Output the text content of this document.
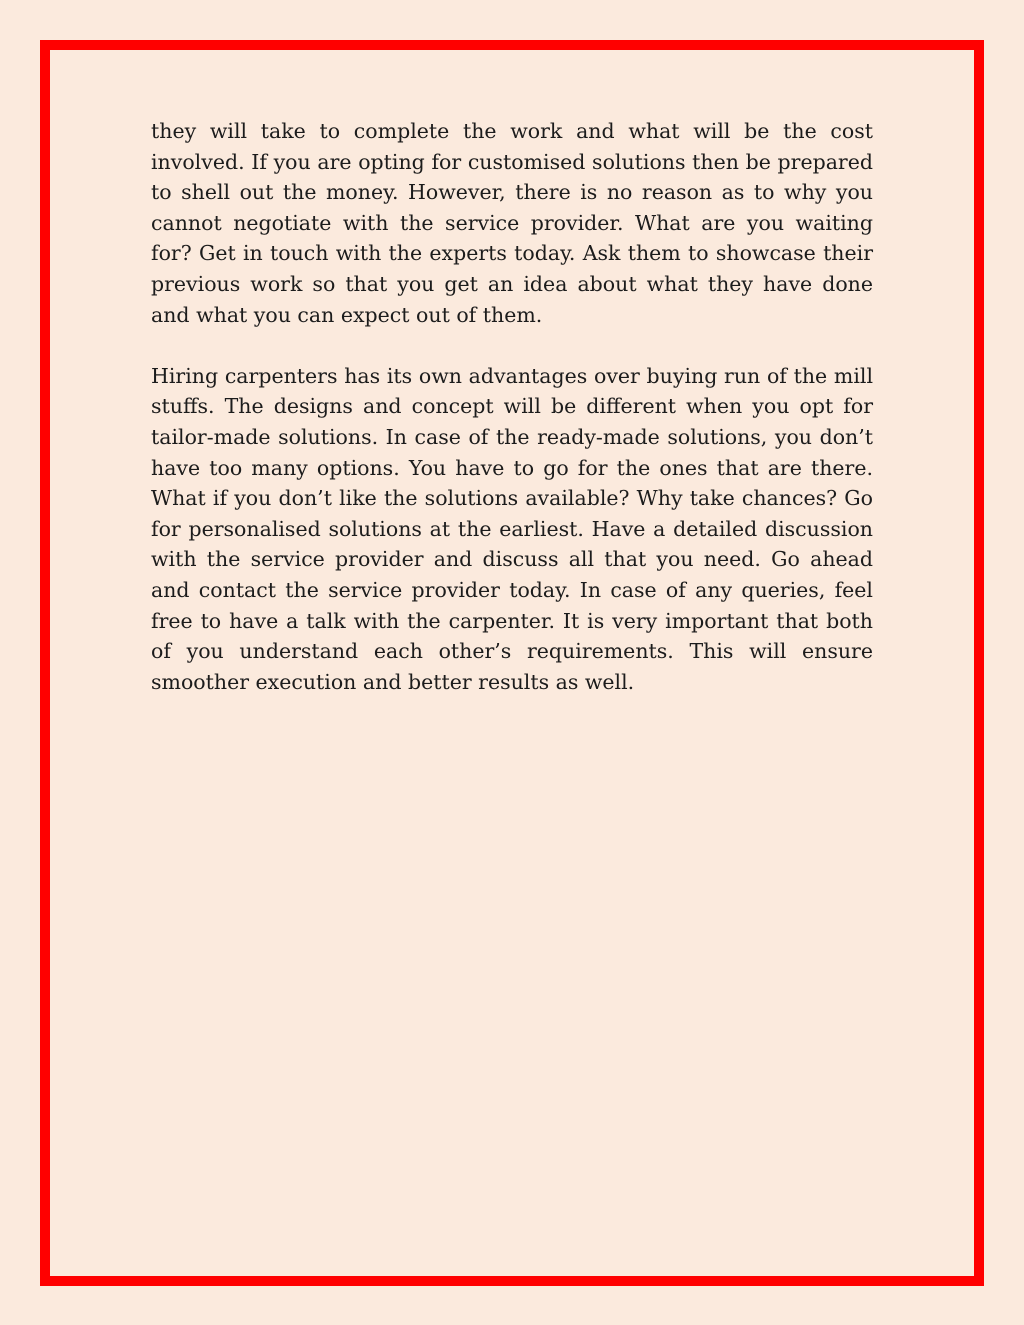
they will take to complete the work and what will be the cost involved. If you are opting for customised solutions then be prepared to shell out the money. However, there is no reason as to why you cannot negotiate with the service provider. What are you waiting for? Get in touch with the experts today. Ask them to showcase their previous work so that you get an idea about what they have done and what you can expect out of them.

Hiring carpenters has its own advantages over buying run of the mill stuffs. The designs and concept will be different when you opt for tailor-made solutions. In case of the ready-made solutions, you don’t have too many options. You have to go for the ones that are there. What if you don’t like the solutions available? Why take chances? Go for personalised solutions at the earliest. Have a detailed discussion with the service provider and discuss all that you need. Go ahead and contact the service provider today. In case of any queries, feel free to have a talk with the carpenter. It is very important that both of you understand each other’s requirements. This will ensure smoother execution and better results as well.
